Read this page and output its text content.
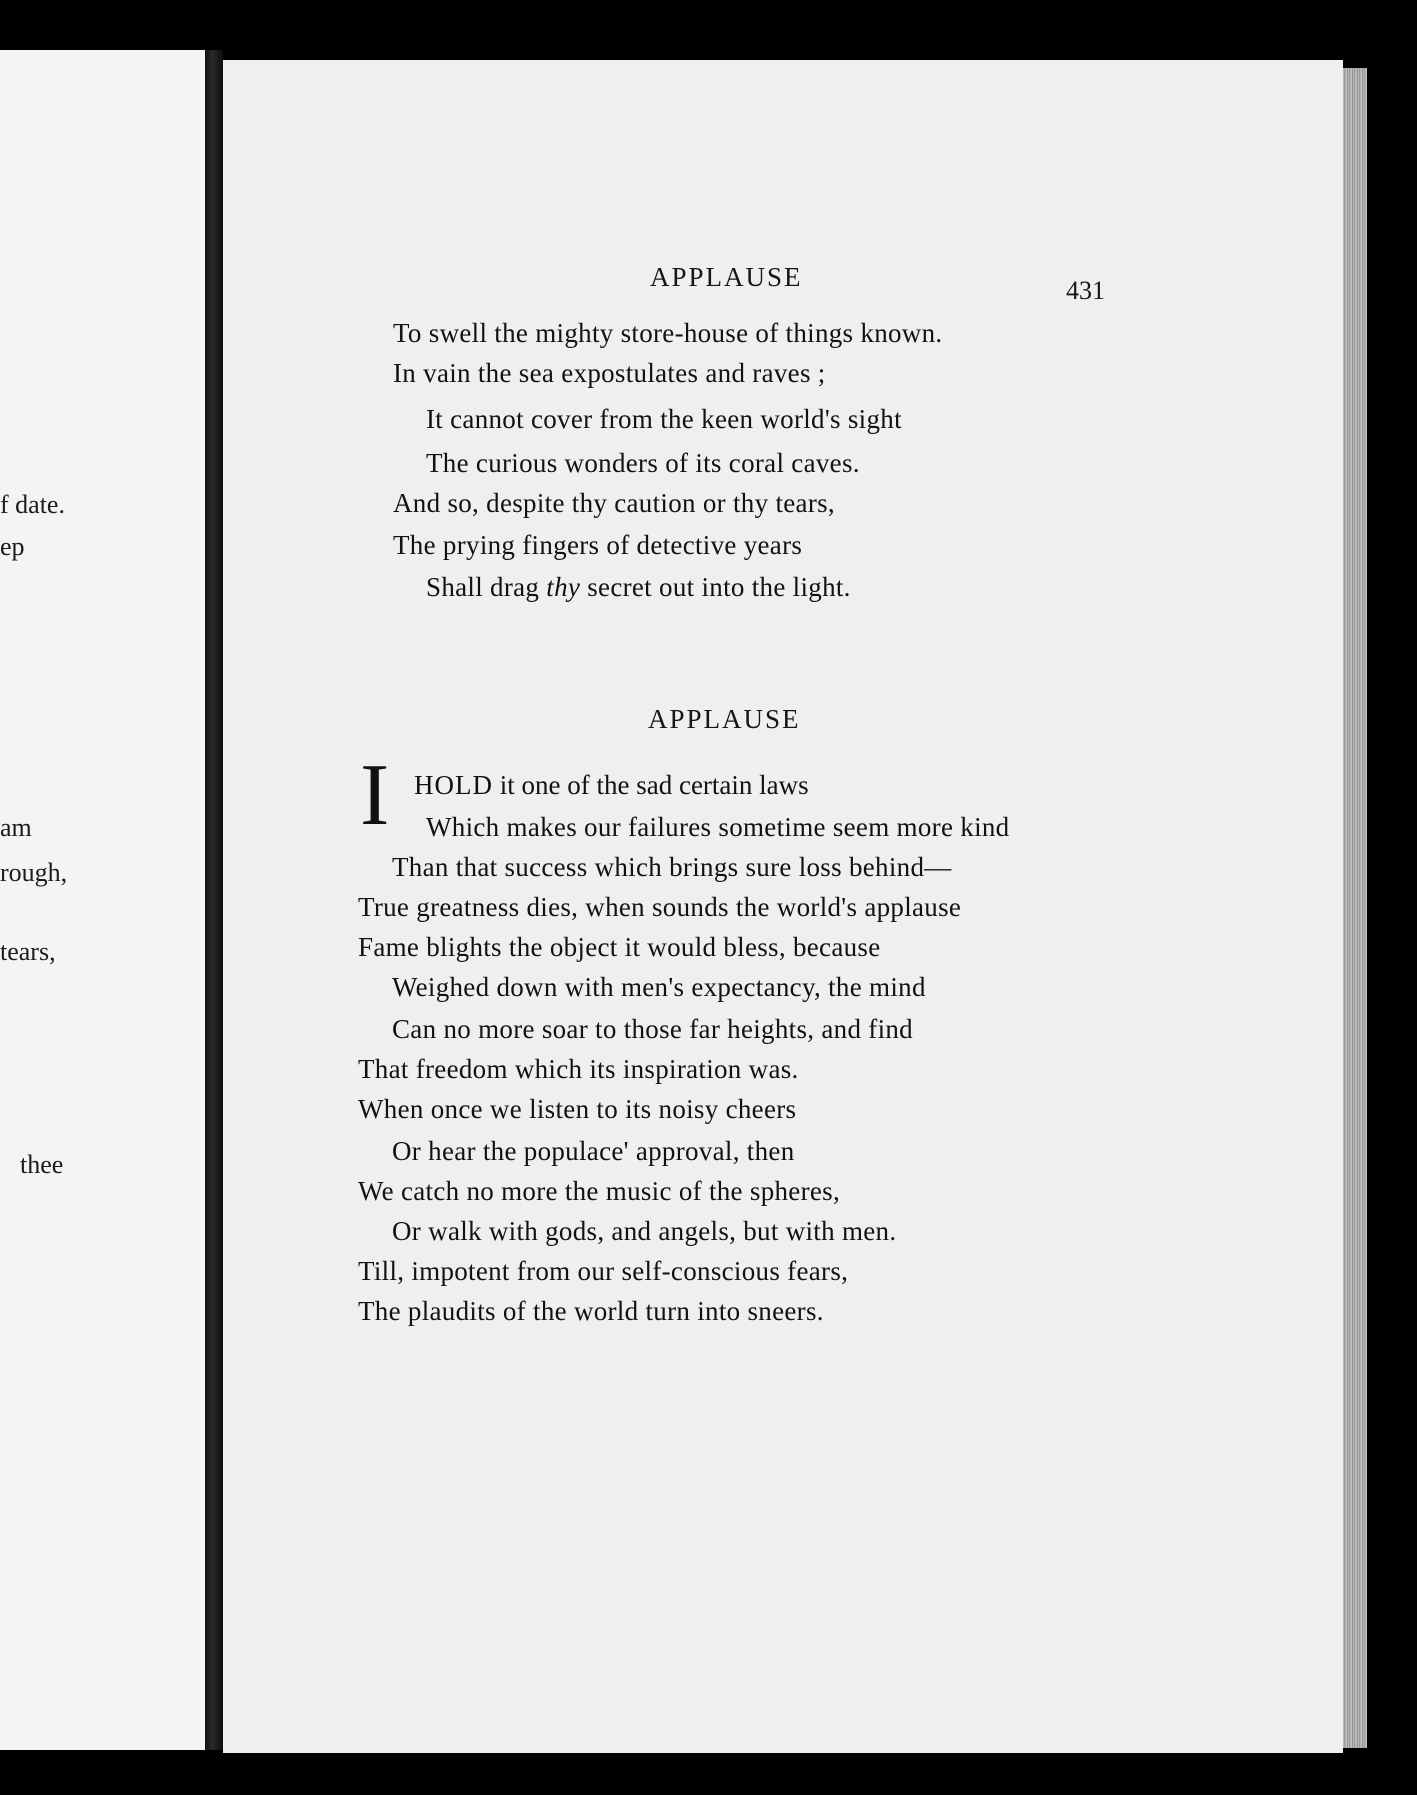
f date.
ep
am
rough,
tears,
thee
APPLAUSE	431
To swell the mighty store-house of things known.
In vain the sea expostulates and raves ;
It cannot cover from the keen world's sight
The curious wonders of its coral caves.
And so, despite thy caution or thy tears,
The prying fingers of detective years
Shall drag thy secret out into the light.
APPLAUSE
I HOLD it one of the sad certain laws
Which makes our failures sometime seem more kind
Than that success which brings sure loss behind—
True greatness dies, when sounds the world's applause
Fame blights the object it would bless, because
Weighed down with men's expectancy, the mind
Can no more soar to those far heights, and find
That freedom which its inspiration was.
When once we listen to its noisy cheers
Or hear the populace' approval, then
We catch no more the music of the spheres,
Or walk with gods, and angels, but with men.
Till, impotent from our self-conscious fears,
The plaudits of the world turn into sneers.
